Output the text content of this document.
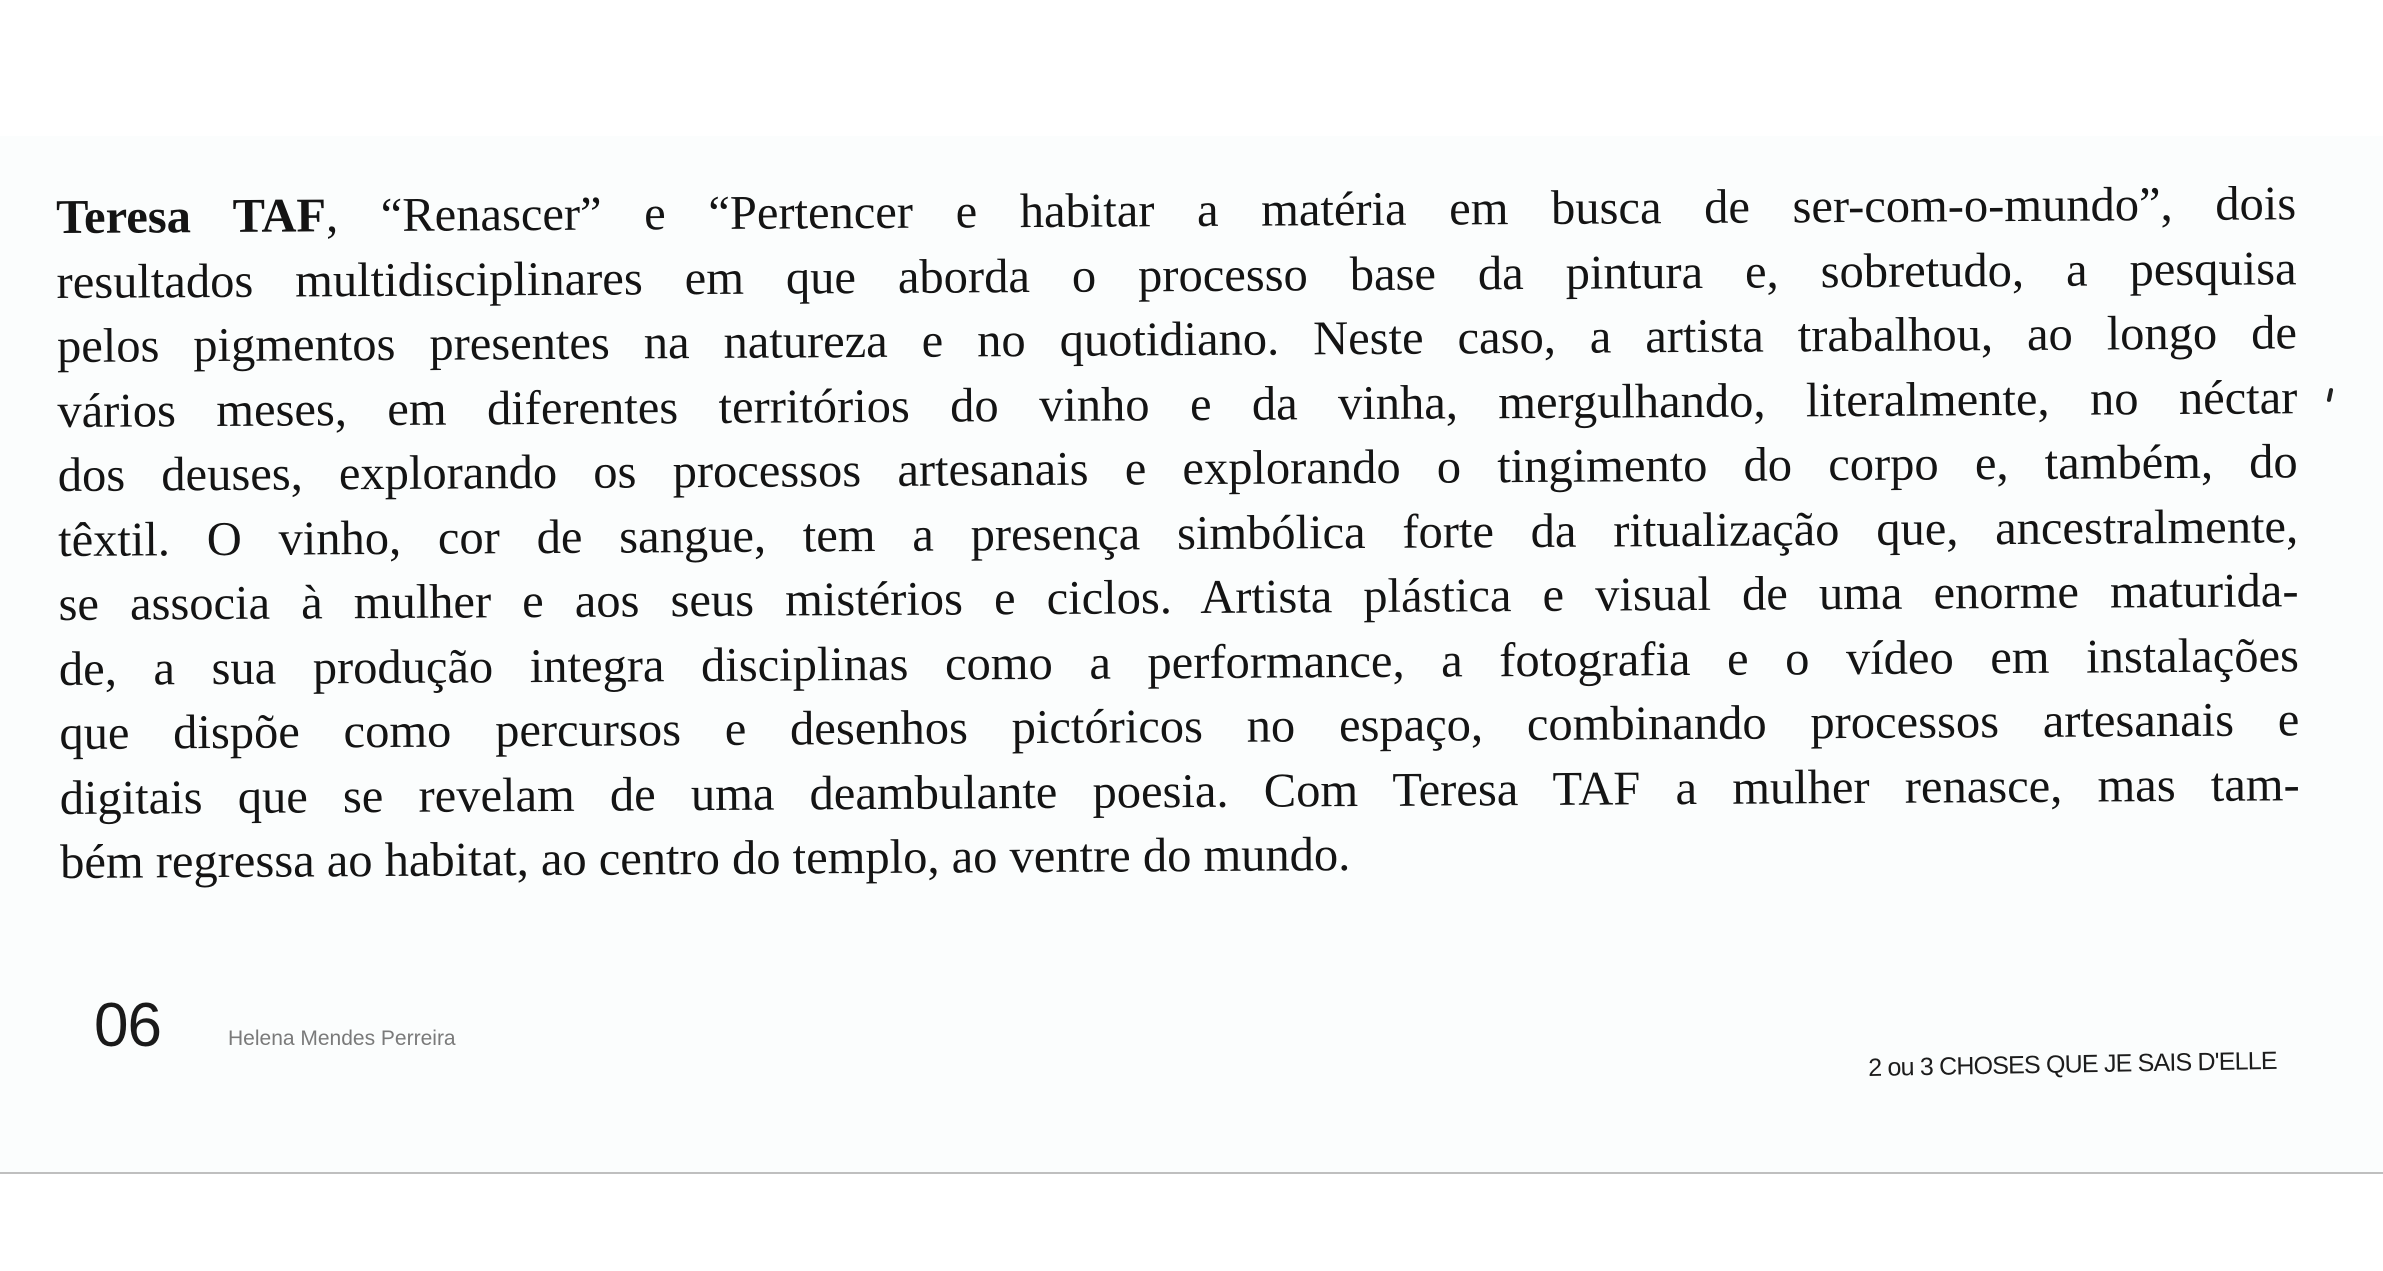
Teresa TAF, “Renascer” e “Pertencer e habitar a matéria em busca de ser-com-o-mundo”, dois
resultados multidisciplinares em que aborda o processo base da pintura e, sobretudo, a pesquisa
pelos pigmentos presentes na natureza e no quotidiano. Neste caso, a artista trabalhou, ao longo de
vários meses, em diferentes territórios do vinho e da vinha, mergulhando, literalmente, no néctar
dos deuses, explorando os processos artesanais e explorando o tingimento do corpo e, também, do
têxtil. O vinho, cor de sangue, tem a presença simbólica forte da ritualização que, ancestralmente,
se associa à mulher e aos seus mistérios e ciclos. Artista plástica e visual de uma enorme maturida-
de, a sua produção integra disciplinas como a performance, a fotografia e o vídeo em instalações
que dispõe como percursos e desenhos pictóricos no espaço, combinando processos artesanais e
digitais que se revelam de uma deambulante poesia. Com Teresa TAF a mulher renasce, mas tam-
bém regressa ao habitat, ao centro do templo, ao ventre do mundo.
06	Helena Mendes Perreira
2 ou 3 CHOSES QUE JE SAIS D'ELLE
